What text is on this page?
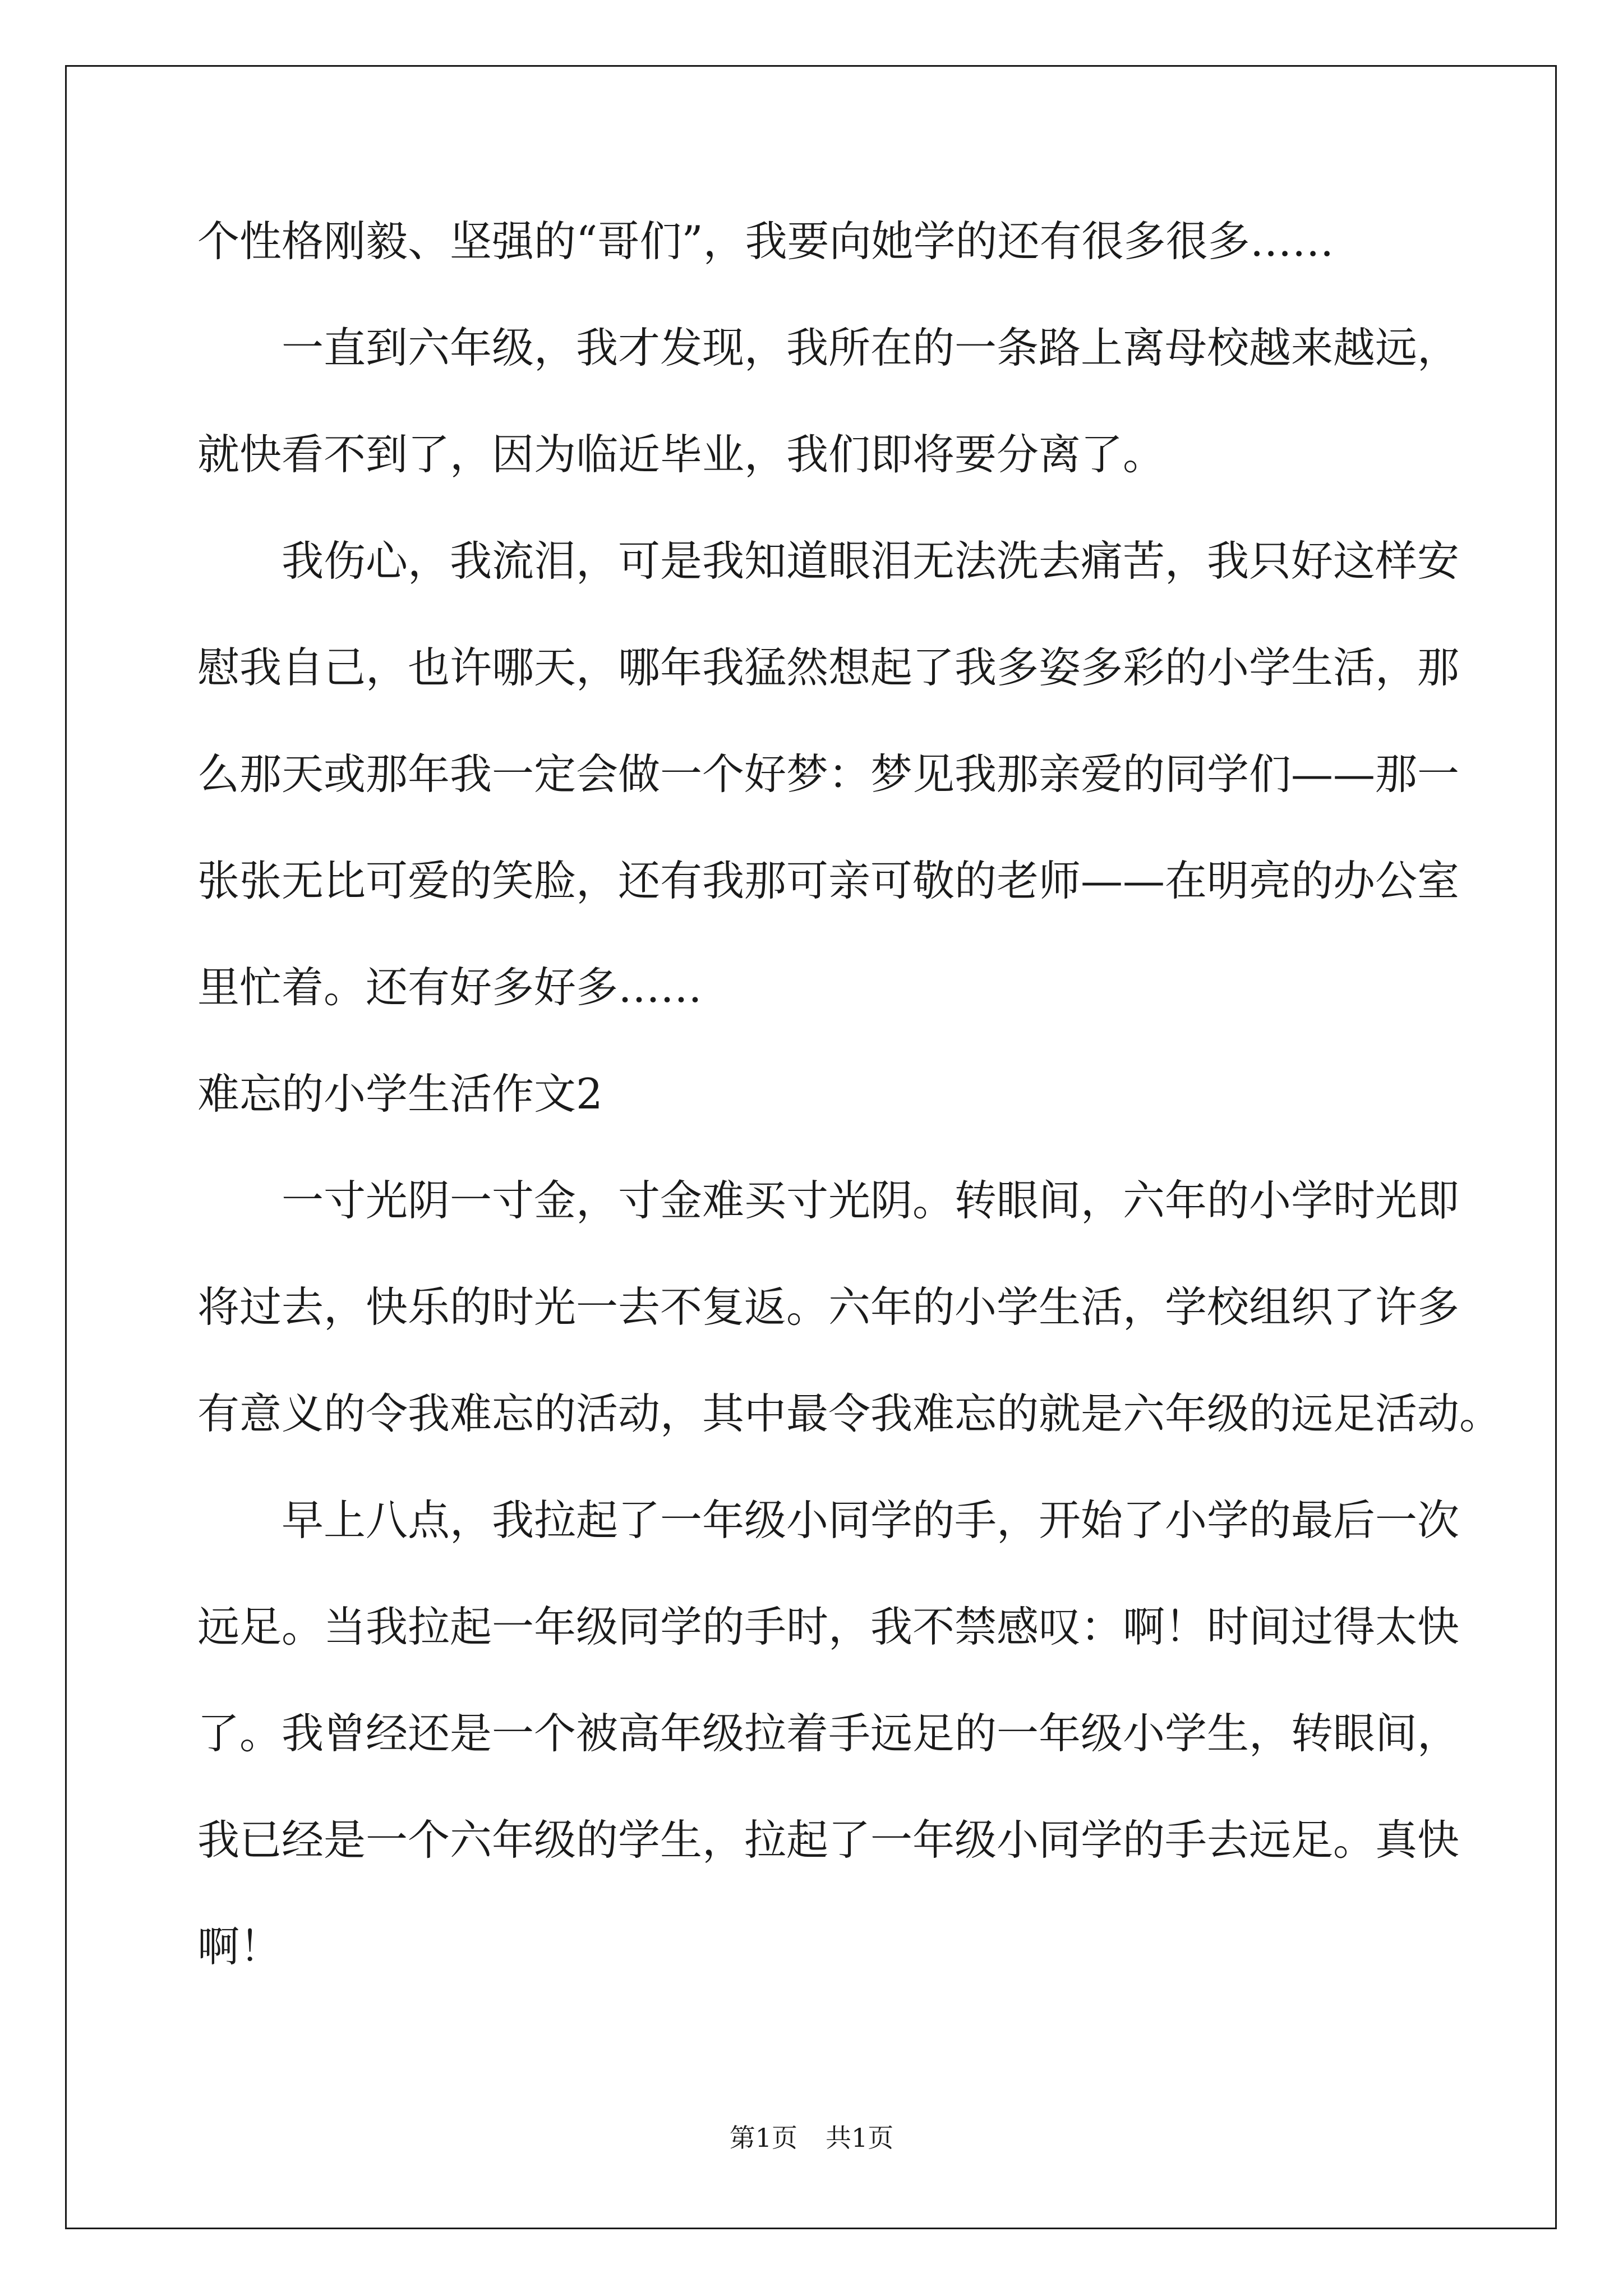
个性格刚毅、坚强的“哥们”，我要向她学的还有很多很多……
一直到六年级，我才发现，我所在的一条路上离母校越来越远，
就快看不到了，因为临近毕业，我们即将要分离了。
我伤心，我流泪，可是我知道眼泪无法洗去痛苦，我只好这样安
慰我自己，也许哪天，哪年我猛然想起了我多姿多彩的小学生活，那
么那天或那年我一定会做一个好梦：梦见我那亲爱的同学们——那一
张张无比可爱的笑脸，还有我那可亲可敬的老师——在明亮的办公室
里忙着。还有好多好多……
难忘的小学生活作文2
一寸光阴一寸金，寸金难买寸光阴。转眼间，六年的小学时光即
将过去，快乐的时光一去不复返。六年的小学生活，学校组织了许多
有意义的令我难忘的活动，其中最令我难忘的就是六年级的远足活动。
早上八点，我拉起了一年级小同学的手，开始了小学的最后一次
远足。当我拉起一年级同学的手时，我不禁感叹：啊！时间过得太快
了。我曾经还是一个被高年级拉着手远足的一年级小学生，转眼间，
我已经是一个六年级的学生，拉起了一年级小同学的手去远足。真快
啊！
第1页 共1页
